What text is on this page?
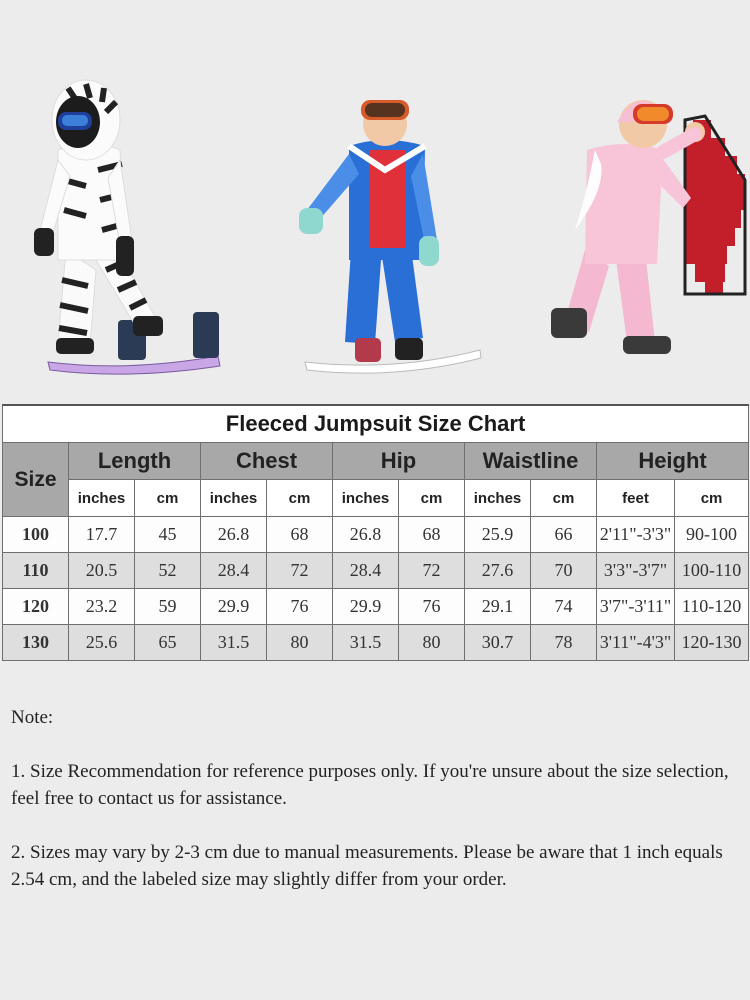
Fleeced Jumpsuit Size Chart										
Size	Length		Chest		Hip		Waistline		Height	
	inches	cm	inches	cm	inches	cm	inches	cm	feet	cm
100	17.7	45	26.8	68	26.8	68	25.9	66	2'11"-3'3"	90-100
110	20.5	52	28.4	72	28.4	72	27.6	70	3'3"-3'7"	100-110
120	23.2	59	29.9	76	29.9	76	29.1	74	3'7"-3'11"	110-120
130	25.6	65	31.5	80	31.5	80	30.7	78	3'11"-4'3"	120-130

Note:

1. Size Recommendation for reference purposes only. If you're unsure about the size selection, feel free to contact us for assistance.

2. Sizes may vary by 2-3 cm due to manual measurements. Please be aware that 1 inch equals 2.54 cm, and the labeled size may slightly differ from your order.
